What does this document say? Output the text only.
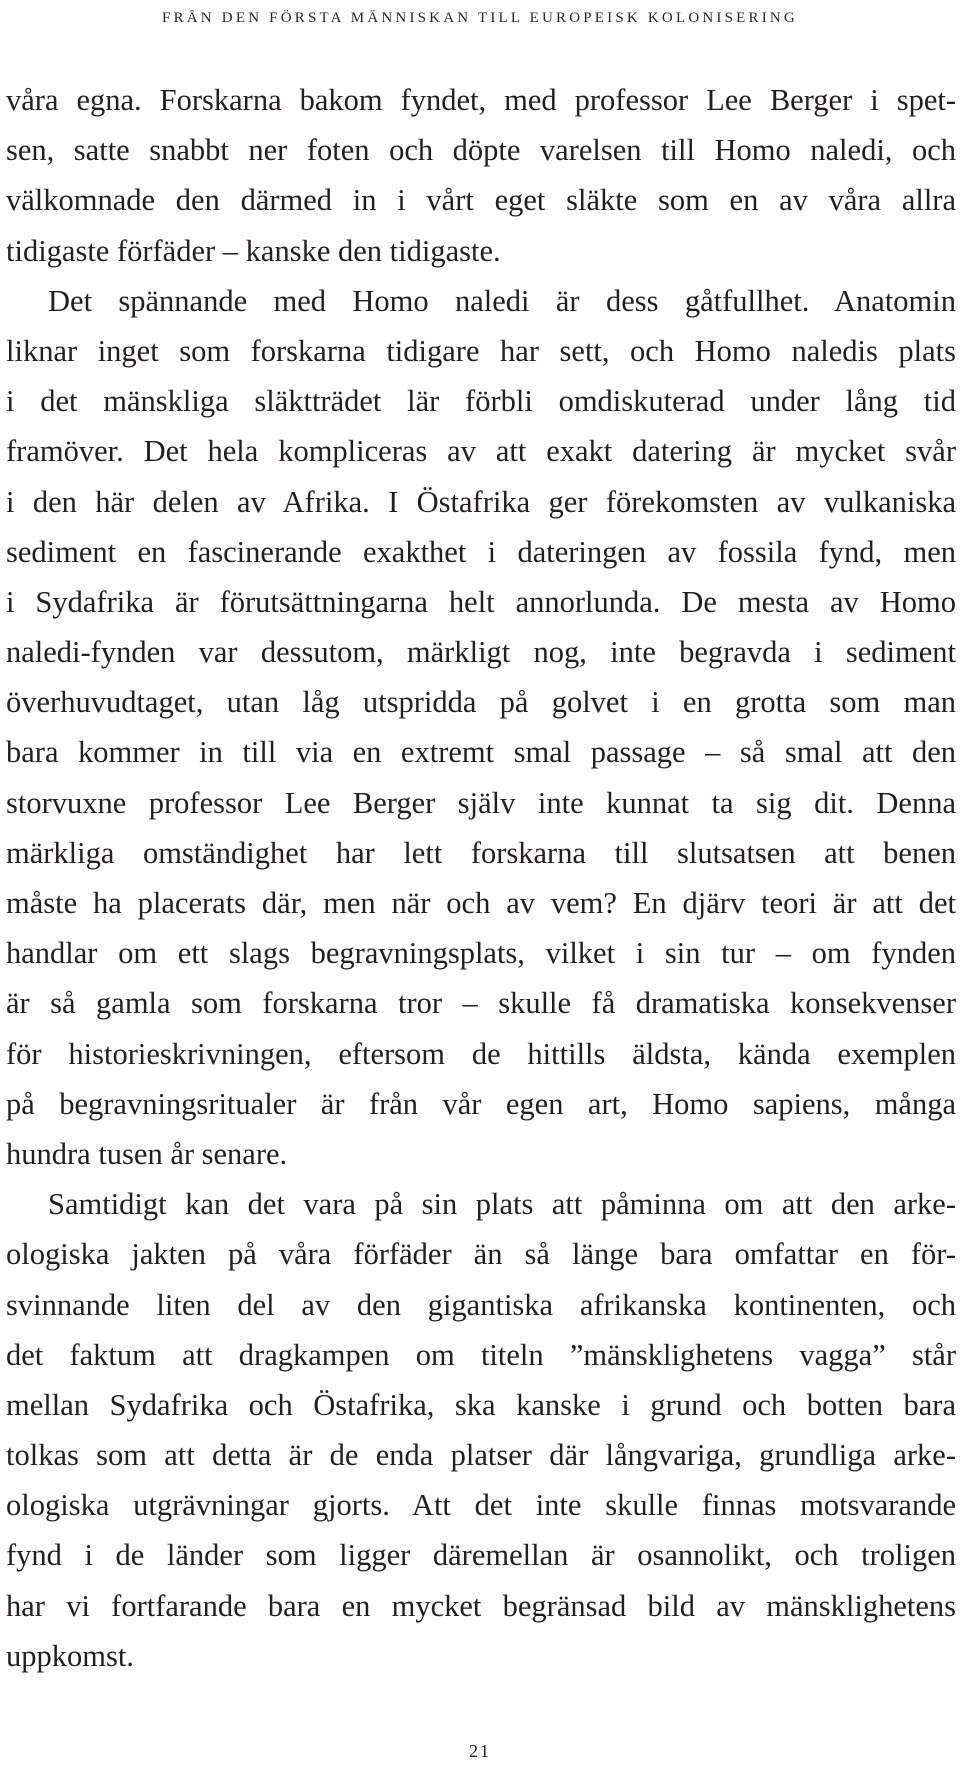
FRÅN DEN FÖRSTA MÄNNISKAN TILL EUROPEISK KOLONISERING

våra egna. Forskarna bakom fyndet, med professor Lee Berger i spet-
sen, satte snabbt ner foten och döpte varelsen till Homo naledi, och
välkomnade den därmed in i vårt eget släkte som en av våra allra
tidigaste förfäder – kanske den tidigaste.

Det spännande med Homo naledi är dess gåtfullhet. Anatomin
liknar inget som forskarna tidigare har sett, och Homo naledis plats
i det mänskliga släktträdet lär förbli omdiskuterad under lång tid
framöver. Det hela kompliceras av att exakt datering är mycket svår
i den här delen av Afrika. I Östafrika ger förekomsten av vulkaniska
sediment en fascinerande exakthet i dateringen av fossila fynd, men
i Sydafrika är förutsättningarna helt annorlunda. De mesta av Homo
naledi-fynden var dessutom, märkligt nog, inte begravda i sediment
överhuvudtaget, utan låg utspridda på golvet i en grotta som man
bara kommer in till via en extremt smal passage – så smal att den
storvuxne professor Lee Berger själv inte kunnat ta sig dit. Denna
märkliga omständighet har lett forskarna till slutsatsen att benen
måste ha placerats där, men när och av vem? En djärv teori är att det
handlar om ett slags begravningsplats, vilket i sin tur – om fynden
är så gamla som forskarna tror – skulle få dramatiska konsekvenser
för historieskrivningen, eftersom de hittills äldsta, kända exemplen
på begravningsritualer är från vår egen art, Homo sapiens, många
hundra tusen år senare.

Samtidigt kan det vara på sin plats att påminna om att den arke-
ologiska jakten på våra förfäder än så länge bara omfattar en för-
svinnande liten del av den gigantiska afrikanska kontinenten, och
det faktum att dragkampen om titeln ”mänsklighetens vagga” står
mellan Sydafrika och Östafrika, ska kanske i grund och botten bara
tolkas som att detta är de enda platser där långvariga, grundliga arke-
ologiska utgrävningar gjorts. Att det inte skulle finnas motsvarande
fynd i de länder som ligger däremellan är osannolikt, och troligen
har vi fortfarande bara en mycket begränsad bild av mänsklighetens
uppkomst.

21
